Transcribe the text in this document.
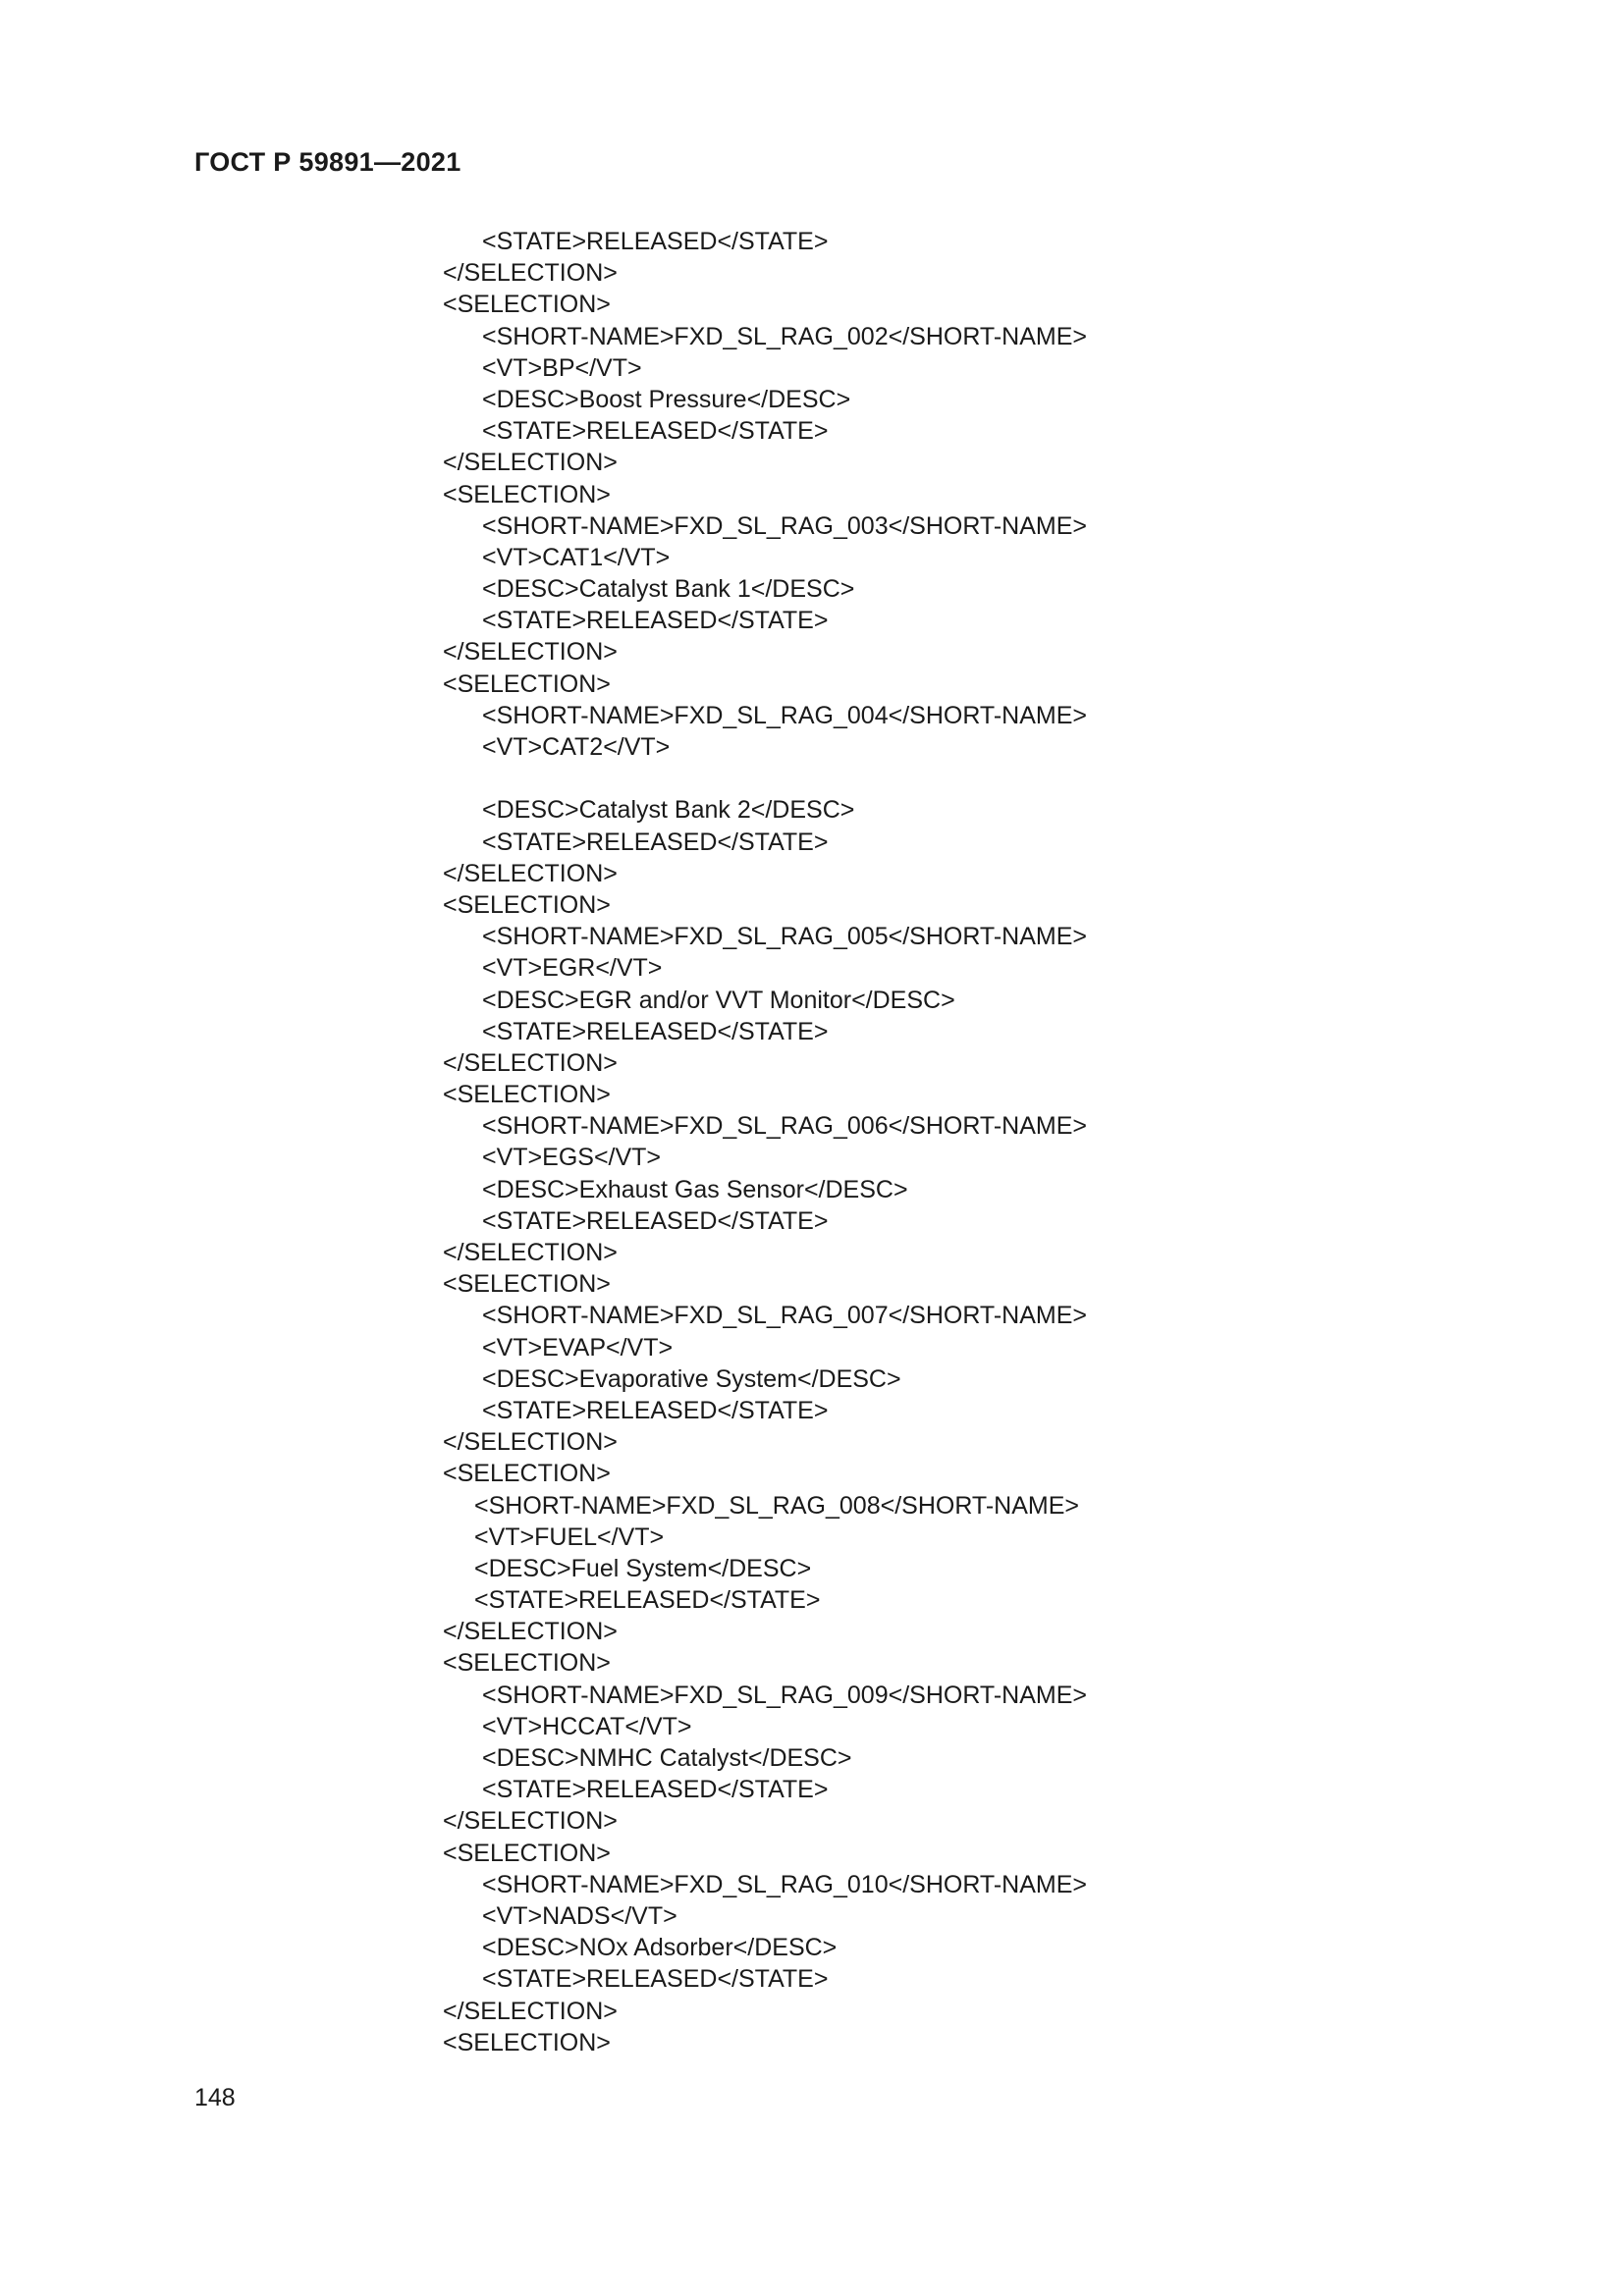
ГОСТ Р 59891—2021
<STATE>RELEASED</STATE>
</SELECTION>
<SELECTION>
<SHORT-NAME>FXD_SL_RAG_002</SHORT-NAME>
<VT>BP</VT>
<DESC>Boost Pressure</DESC>
<STATE>RELEASED</STATE>
</SELECTION>
<SELECTION>
<SHORT-NAME>FXD_SL_RAG_003</SHORT-NAME>
<VT>CAT1</VT>
<DESC>Catalyst Bank 1</DESC>
<STATE>RELEASED</STATE>
</SELECTION>
<SELECTION>
<SHORT-NAME>FXD_SL_RAG_004</SHORT-NAME>
<VT>CAT2</VT>
<DESC>Catalyst Bank 2</DESC>
<STATE>RELEASED</STATE>
</SELECTION>
<SELECTION>
<SHORT-NAME>FXD_SL_RAG_005</SHORT-NAME>
<VT>EGR</VT>
<DESC>EGR and/or VVT Monitor</DESC>
<STATE>RELEASED</STATE>
</SELECTION>
<SELECTION>
<SHORT-NAME>FXD_SL_RAG_006</SHORT-NAME>
<VT>EGS</VT>
<DESC>Exhaust Gas Sensor</DESC>
<STATE>RELEASED</STATE>
</SELECTION>
<SELECTION>
<SHORT-NAME>FXD_SL_RAG_007</SHORT-NAME>
<VT>EVAP</VT>
<DESC>Evaporative System</DESC>
<STATE>RELEASED</STATE>
</SELECTION>
<SELECTION>
<SHORT-NAME>FXD_SL_RAG_008</SHORT-NAME>
<VT>FUEL</VT>
<DESC>Fuel System</DESC>
<STATE>RELEASED</STATE>
</SELECTION>
<SELECTION>
<SHORT-NAME>FXD_SL_RAG_009</SHORT-NAME>
<VT>HCCAT</VT>
<DESC>NMHC Catalyst</DESC>
<STATE>RELEASED</STATE>
</SELECTION>
<SELECTION>
<SHORT-NAME>FXD_SL_RAG_010</SHORT-NAME>
<VT>NADS</VT>
<DESC>NOx Adsorber</DESC>
<STATE>RELEASED</STATE>
</SELECTION>
<SELECTION>

148
